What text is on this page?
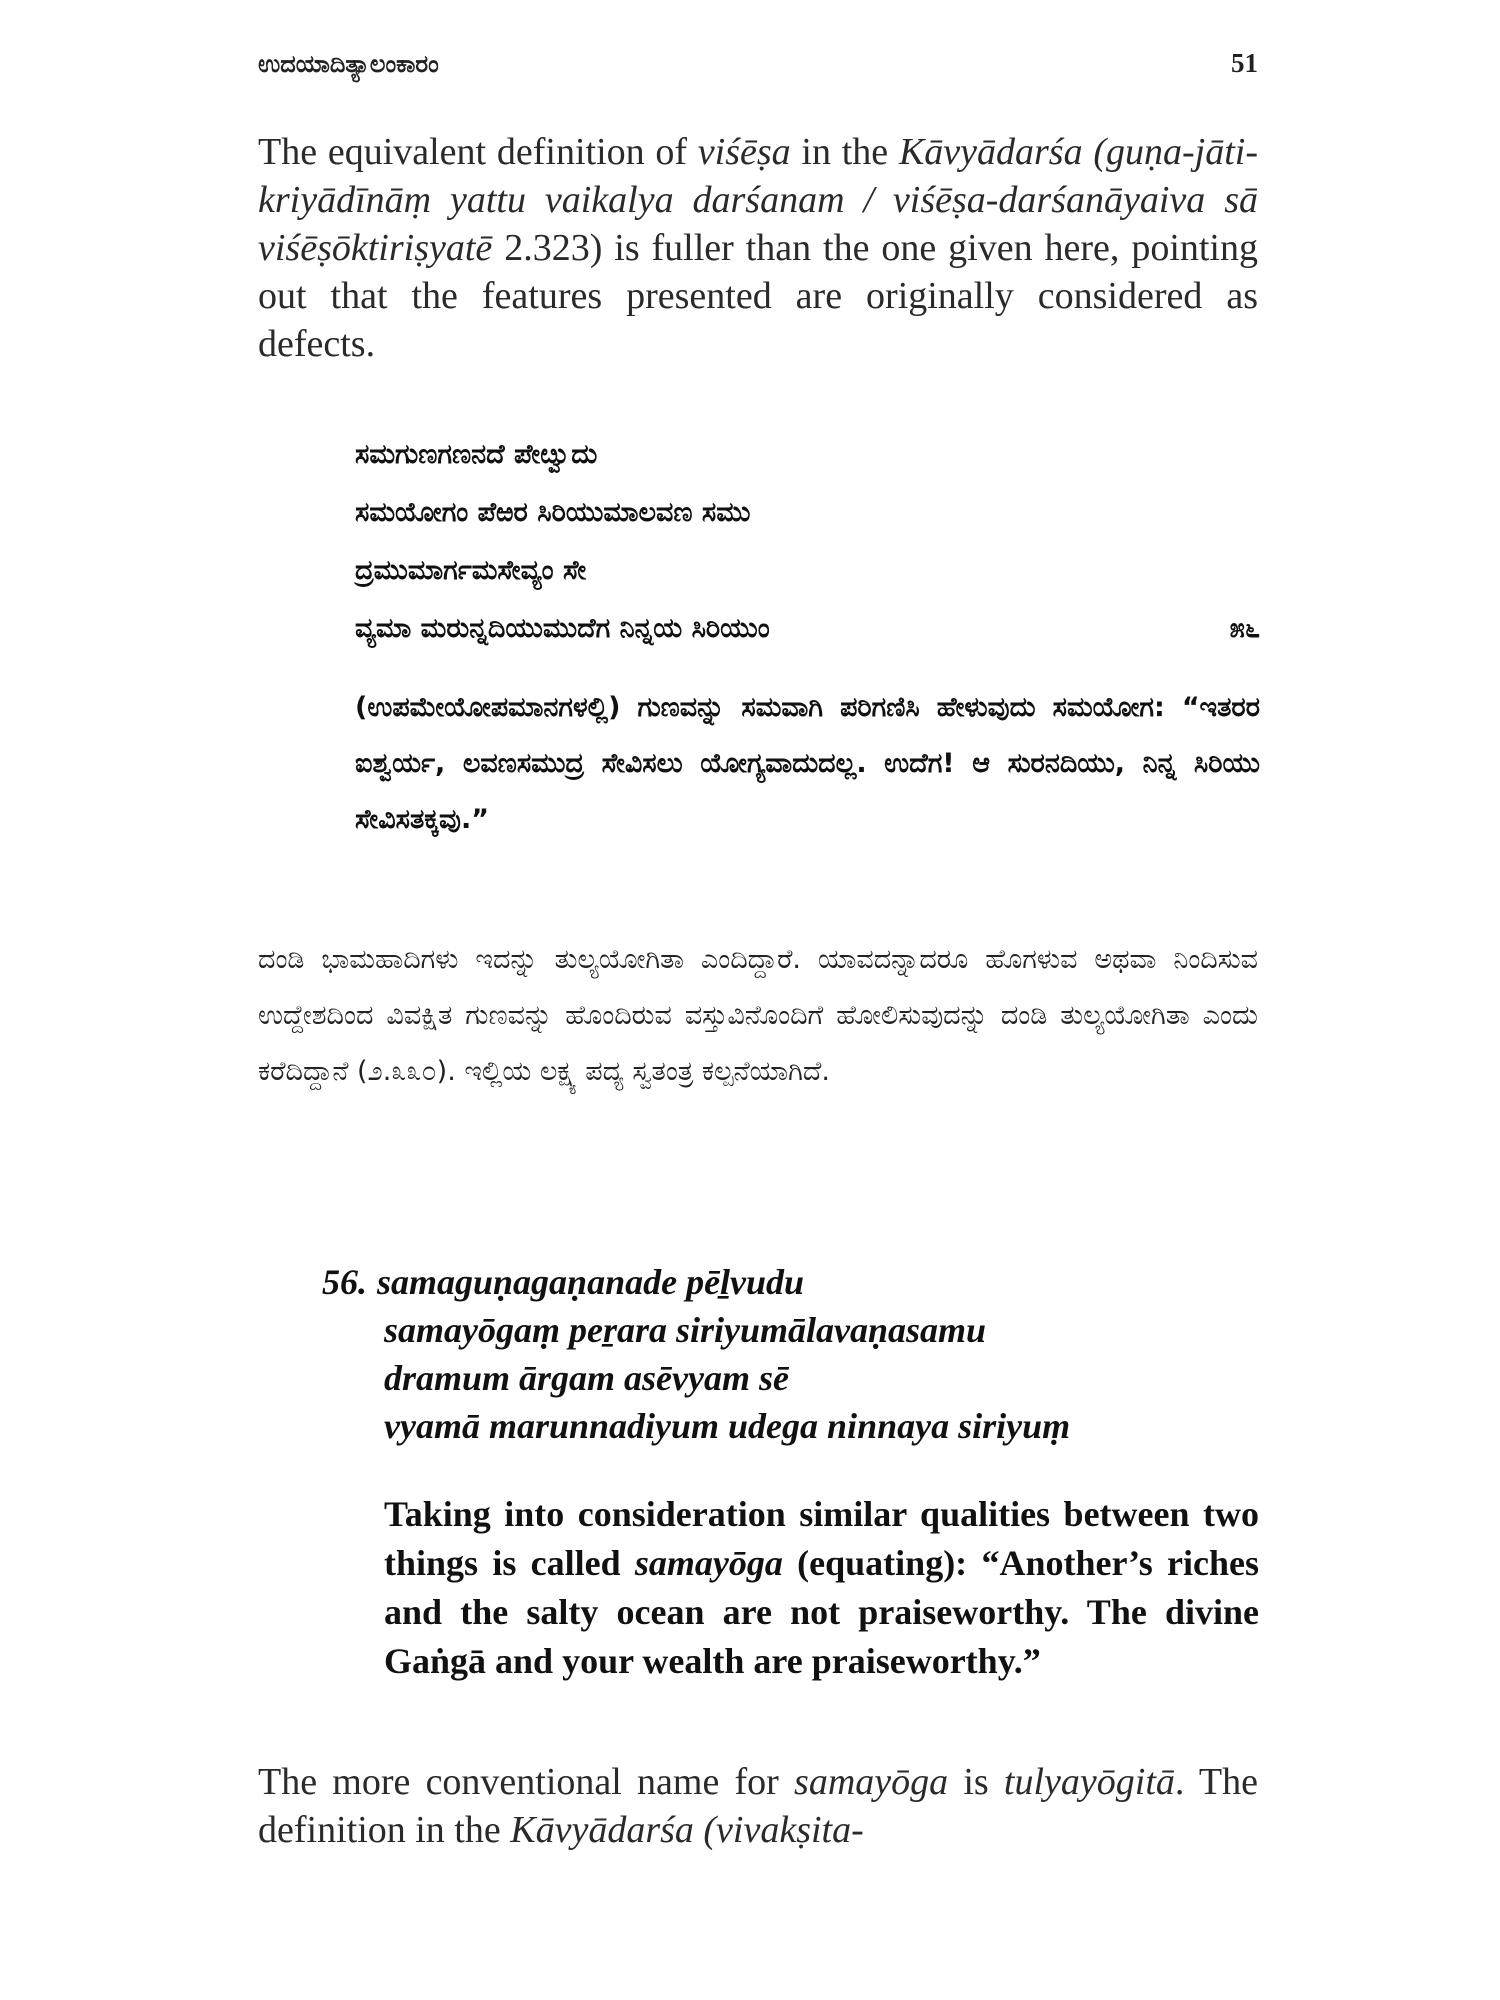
ಉದಯಾದಿತ್ಯಾಲಂಕಾರಂ	51

The equivalent definition of viśēṣa in the Kāvyādarśa (guṇa-jāti-kriyādīnāṃ yattu vaikalya darśanam / viśēṣa-darśanāyaiva sā viśēṣōktiriṣyatē 2.323) is fuller than the one given here, pointing out that the features presented are originally considered as defects.

ಸಮಗುಣಗಣನದೆ ಪೇೞ್ವುದು
ಸಮಯೋಗಂ ಪೆಱರ ಸಿರಿಯುಮಾಲವಣ ಸಮು
ದ್ರಮುಮಾರ್ಗಮಸೇವ್ಯಂ ಸೇ
ವ್ಯಮಾ ಮರುನ್ನದಿಯುಮುದೆಗ ನಿನ್ನಯ ಸಿರಿಯುಂ	೫೬

(ಉಪಮೇಯೋಪಮಾನಗಳಲ್ಲಿ) ಗುಣವನ್ನು ಸಮವಾಗಿ ಪರಿಗಣಿಸಿ ಹೇಳುವುದು ಸಮಯೋಗ: “ಇತರರ ಐಶ್ವರ್ಯ, ಲವಣಸಮುದ್ರ ಸೇವಿಸಲು ಯೋಗ್ಯವಾದುದಲ್ಲ. ಉದೆಗ! ಆ ಸುರನದಿಯು, ನಿನ್ನ ಸಿರಿಯು ಸೇವಿಸತಕ್ಕವು.”

ದಂಡಿ ಭಾಮಹಾದಿಗಳು ಇದನ್ನು ತುಲ್ಯಯೋಗಿತಾ ಎಂದಿದ್ದಾರೆ. ಯಾವದನ್ನಾದರೂ ಹೊಗಳುವ ಅಥವಾ ನಿಂದಿಸುವ ಉದ್ದೇಶದಿಂದ ವಿವಕ್ಷಿತ ಗುಣವನ್ನು ಹೊಂದಿರುವ ವಸ್ತುವಿನೊಂದಿಗೆ ಹೋಲಿಸುವುದನ್ನು ದಂಡಿ ತುಲ್ಯಯೋಗಿತಾ ಎಂದು ಕರೆದಿದ್ದಾನೆ (೨.೩೩೦). ಇಲ್ಲಿಯ ಲಕ್ಷ್ಯ ಪದ್ಯ ಸ್ವತಂತ್ರ ಕಲ್ಪನೆಯಾಗಿದೆ.

56. samaguṇagaṇanade pēḻvudu
samayōgaṃ peṟara siriyumālavaṇasamu
dramum ārgam asēvyam sē
vyamā marunnadiyum udega ninnaya siriyuṃ

Taking into consideration similar qualities between two things is called samayōga (equating): “Another’s riches and the salty ocean are not praiseworthy. The divine Gaṅgā and your wealth are praiseworthy.”

The more conventional name for samayōga is tulyayōgitā. The definition in the Kāvyādarśa (vivakṣita-
